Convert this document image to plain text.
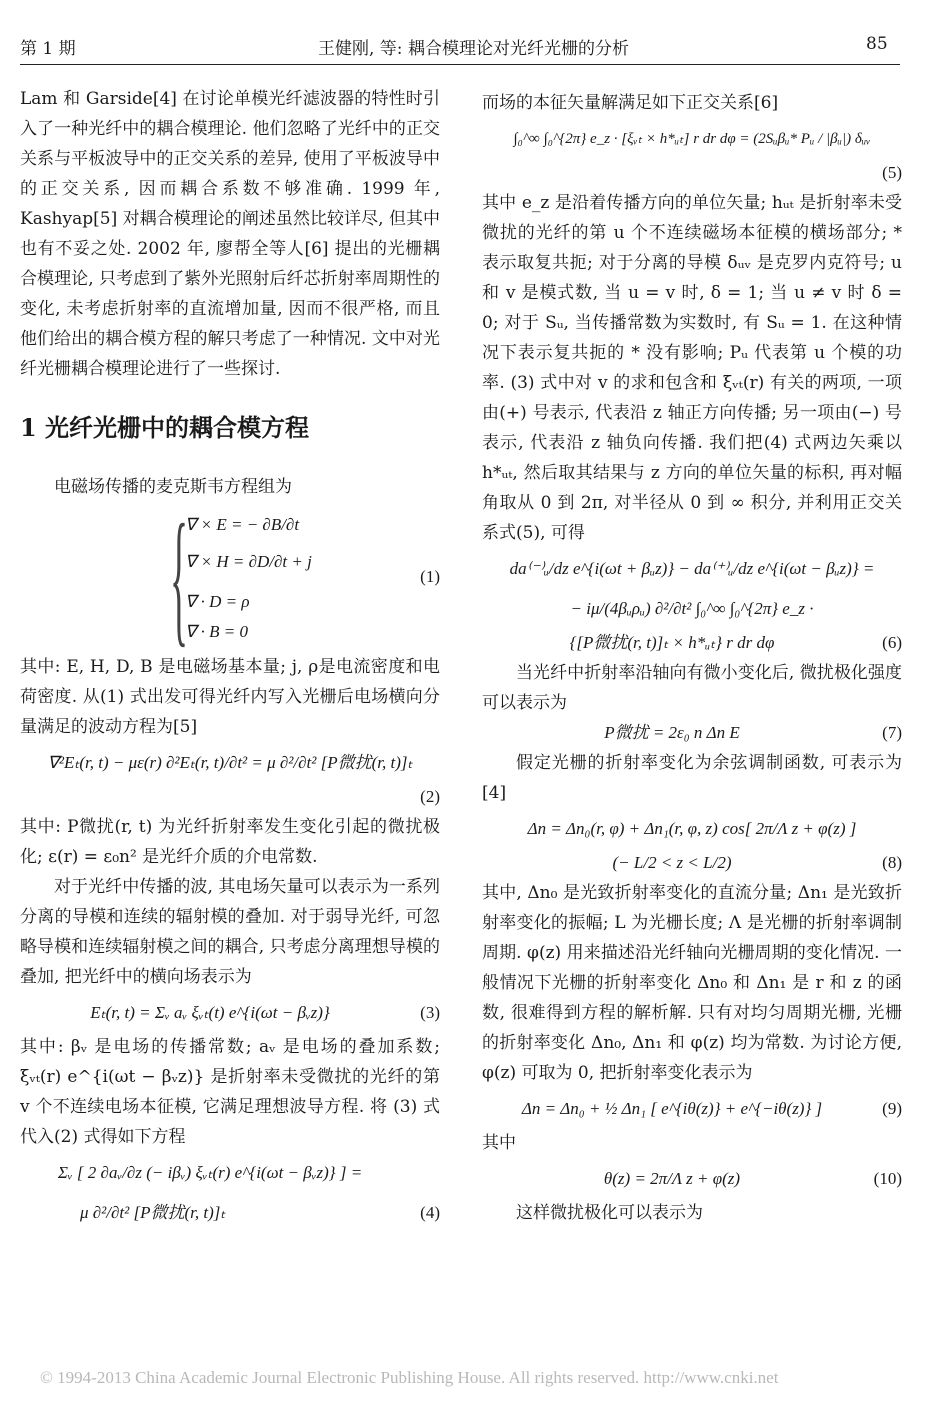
第 1 期	王健刚, 等: 耦合模理论对光纤光栅的分析	85

Lam 和 Garside[4] 在讨论单模光纤滤波器的特性时引入了一种光纤中的耦合模理论. 他们忽略了光纤中的正交关系与平板波导中的正交关系的差异, 使用了平板波导中的正交关系, 因而耦合系数不够准确. 1999 年, Kashyap[5] 对耦合模理论的阐述虽然比较详尽, 但其中也有不妥之处. 2002 年, 廖帮全等人[6] 提出的光栅耦合模理论, 只考虑到了紫外光照射后纤芯折射率周期性的变化, 未考虑折射率的直流增加量, 因而不很严格, 而且他们给出的耦合模方程的解只考虑了一种情况. 文中对光纤光栅耦合模理论进行了一些探讨.

1 光纤光栅中的耦合模方程

电磁场传播的麦克斯韦方程组为

{
∇ × E = − ∂B/∂t
∇ × H = ∂D/∂t + j
∇ · D = ρ
∇ · B = 0
(1)

其中: E, H, D, B 是电磁场基本量; j, ρ是电流密度和电荷密度. 从(1) 式出发可得光纤内写入光栅后电场横向分量满足的波动方程为[5]

∇²Eₜ(r, t) − με(r) ∂²Eₜ(r, t)/∂t² = μ ∂²/∂t² [P微扰(r, t)]ₜ
(2)

其中: P微扰(r, t) 为光纤折射率发生变化引起的微扰极化; ε(r) = ε₀n² 是光纤介质的介电常数.

对于光纤中传播的波, 其电场矢量可以表示为一系列分离的导模和连续的辐射模的叠加. 对于弱导光纤, 可忽略导模和连续辐射模之间的耦合, 只考虑分离理想导模的叠加, 把光纤中的横向场表示为

Eₜ(r, t) = Σᵥ aᵥ ξᵥₜ(t) e^{i(ωt − βᵥz)}	(3)

其中: βᵥ 是电场的传播常数; aᵥ 是电场的叠加系数; ξᵥₜ(r) e^{i(ωt − βᵥz)} 是折射率未受微扰的光纤的第 v 个不连续电场本征模, 它满足理想波导方程. 将 (3) 式代入(2) 式得如下方程

Σᵥ [ 2 ∂aᵥ/∂z (− iβᵥ) ξᵥₜ(r) e^{i(ωt − βᵥz)} ] =
μ ∂²/∂t² [P微扰(r, t)]ₜ	(4)

而场的本征矢量解满足如下正交关系[6]

∫₀^∞ ∫₀^{2π} e_z · [ξᵥₜ × h*ᵤₜ] r dr dφ = (2Sᵤβᵤ* Pᵤ / |βᵤ|) δᵤᵥ
(5)

其中 e_z 是沿着传播方向的单位矢量; hᵤₜ 是折射率未受微扰的光纤的第 u 个不连续磁场本征模的横场部分; * 表示取复共扼; 对于分离的导模 δᵤᵥ 是克罗内克符号; u 和 v 是模式数, 当 u = v 时, δ = 1; 当 u ≠ v 时 δ = 0; 对于 Sᵤ, 当传播常数为实数时, 有 Sᵤ = 1. 在这种情况下表示复共扼的 * 没有影响; Pᵤ 代表第 u 个模的功率. (3) 式中对 v 的求和包含和 ξᵥₜ(r) 有关的两项, 一项由(+) 号表示, 代表沿 z 轴正方向传播; 另一项由(−) 号表示, 代表沿 z 轴负向传播. 我们把(4) 式两边矢乘以 h*ᵤₜ, 然后取其结果与 z 方向的单位矢量的标积, 再对幅角取从 0 到 2π, 对半径从 0 到 ∞ 积分, 并利用正交关系式(5), 可得

da⁽⁻⁾ᵤ/dz e^{i(ωt + βᵤz)} − da⁽⁺⁾ᵤ/dz e^{i(ωt − βᵤz)} =
− iμ/(4βᵤρᵤ) ∂²/∂t² ∫₀^∞ ∫₀^{2π} e_z ·
{[P微扰(r, t)]ₜ × h*ᵤₜ} r dr dφ	(6)

当光纤中折射率沿轴向有微小变化后, 微扰极化强度可以表示为

P微扰 = 2ε₀ n Δn E	(7)

假定光栅的折射率变化为余弦调制函数, 可表示为[4]

Δn = Δn₀(r, φ) + Δn₁(r, φ, z) cos[ 2π/Λ z + φ(z) ]
(− L/2 < z < L/2)	(8)

其中, Δn₀ 是光致折射率变化的直流分量; Δn₁ 是光致折射率变化的振幅; L 为光栅长度; Λ 是光栅的折射率调制周期. φ(z) 用来描述沿光纤轴向光栅周期的变化情况. 一般情况下光栅的折射率变化 Δn₀ 和 Δn₁ 是 r 和 z 的函数, 很难得到方程的解析解. 只有对均匀周期光栅, 光栅的折射率变化 Δn₀, Δn₁ 和 φ(z) 均为常数. 为讨论方便, φ(z) 可取为 0, 把折射率变化表示为

Δn = Δn₀ + ½ Δn₁ [ e^{iθ(z)} + e^{−iθ(z)} ]	(9)

其中

θ(z) = 2π/Λ z + φ(z)	(10)

这样微扰极化可以表示为

© 1994-2013 China Academic Journal Electronic Publishing House. All rights reserved. http://www.cnki.net
